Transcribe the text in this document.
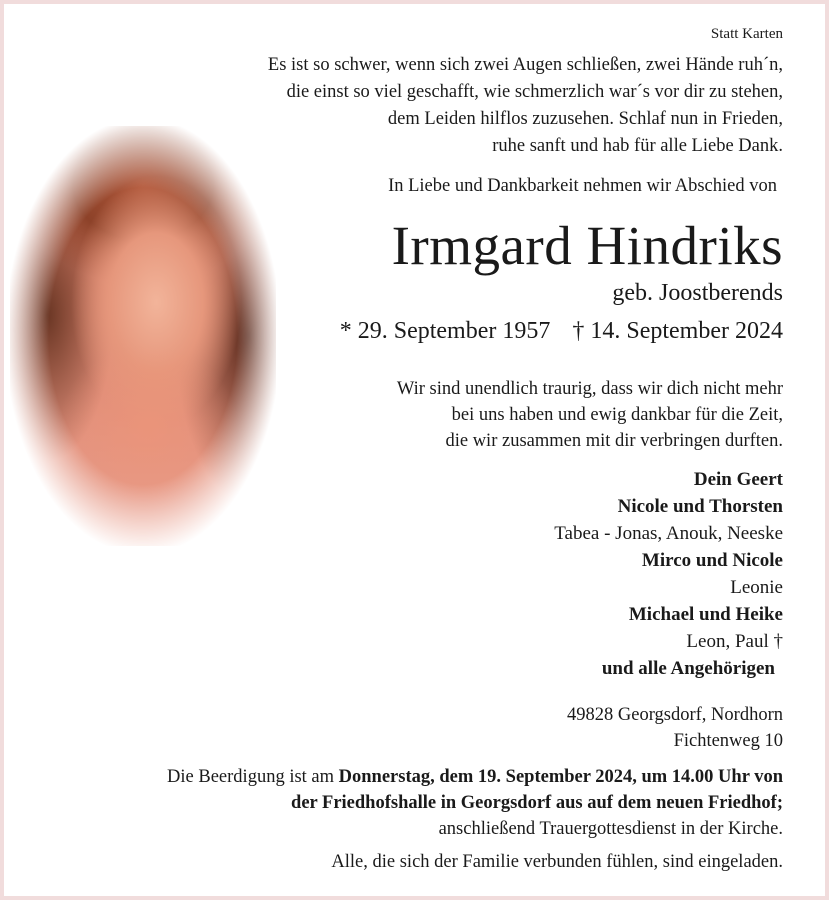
Statt Karten
Es ist so schwer, wenn sich zwei Augen schließen, zwei Hände ruh´n,
die einst so viel geschafft, wie schmerzlich war´s vor dir zu stehen,
dem Leiden hilflos zuzusehen. Schlaf nun in Frieden,
ruhe sanft und hab für alle Liebe Dank.
In Liebe und Dankbarkeit nehmen wir Abschied von
Irmgard Hindriks
geb. Joostberends
* 29. September 1957 † 14. September 2024
Wir sind unendlich traurig, dass wir dich nicht mehr
bei uns haben und ewig dankbar für die Zeit,
die wir zusammen mit dir verbringen durften.
Dein Geert
Nicole und Thorsten
Tabea - Jonas, Anouk, Neeske
Mirco und Nicole
Leonie
Michael und Heike
Leon, Paul †
und alle Angehörigen
49828 Georgsdorf, Nordhorn
Fichtenweg 10
Die Beerdigung ist am Donnerstag, dem 19. September 2024, um 14.00 Uhr von
der Friedhofshalle in Georgsdorf aus auf dem neuen Friedhof;
anschließend Trauergottesdienst in der Kirche.
Alle, die sich der Familie verbunden fühlen, sind eingeladen.
